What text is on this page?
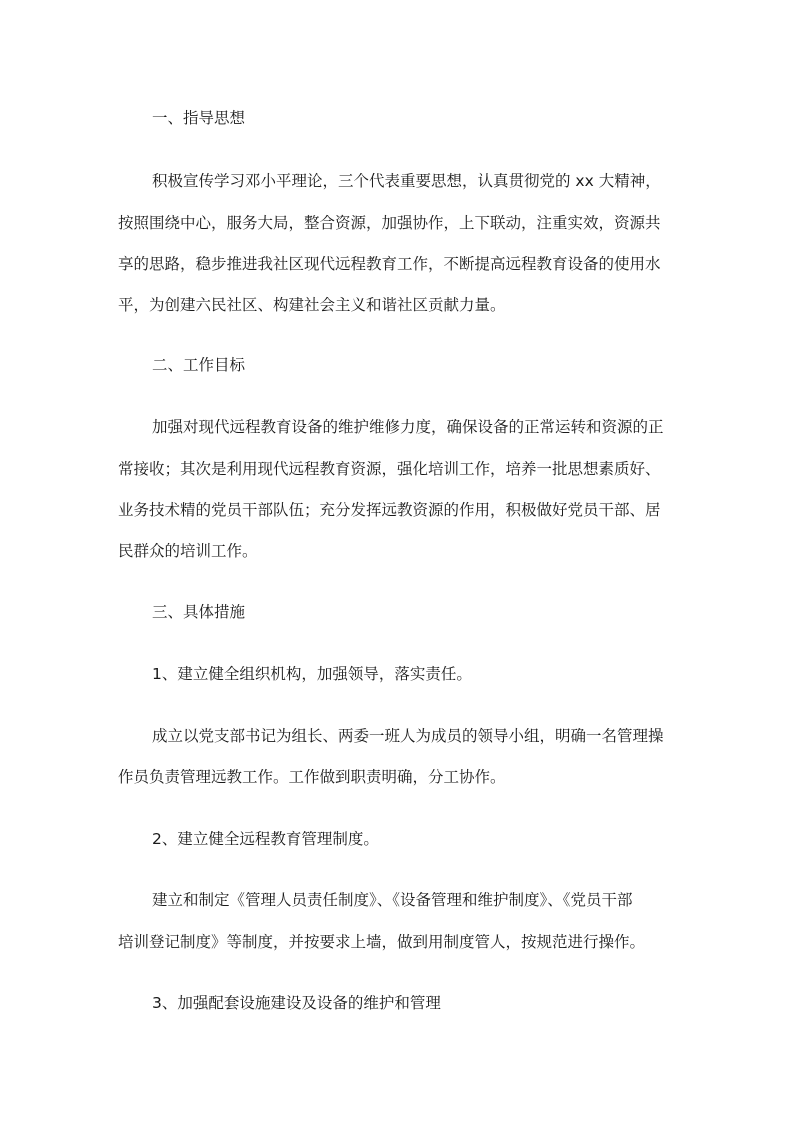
一、指导思想

积极宣传学习邓小平理论，三个代表重要思想，认真贯彻党的 xx 大精神，

按照围绕中心，服务大局，整合资源，加强协作，上下联动，注重实效，资源共

享的思路，稳步推进我社区现代远程教育工作，不断提高远程教育设备的使用水

平，为创建六民社区、构建社会主义和谐社区贡献力量。

二、工作目标

加强对现代远程教育设备的维护维修力度，确保设备的正常运转和资源的正

常接收；其次是利用现代远程教育资源，强化培训工作，培养一批思想素质好、

业务技术精的党员干部队伍；充分发挥远教资源的作用，积极做好党员干部、居

民群众的培训工作。

三、具体措施

1、建立健全组织机构，加强领导，落实责任。

成立以党支部书记为组长、两委一班人为成员的领导小组，明确一名管理操

作员负责管理远教工作。工作做到职责明确，分工协作。

2、建立健全远程教育管理制度。

建立和制定《管理人员责任制度》、《设备管理和维护制度》、《党员干部

培训登记制度》等制度，并按要求上墙，做到用制度管人，按规范进行操作。

3、加强配套设施建设及设备的维护和管理
